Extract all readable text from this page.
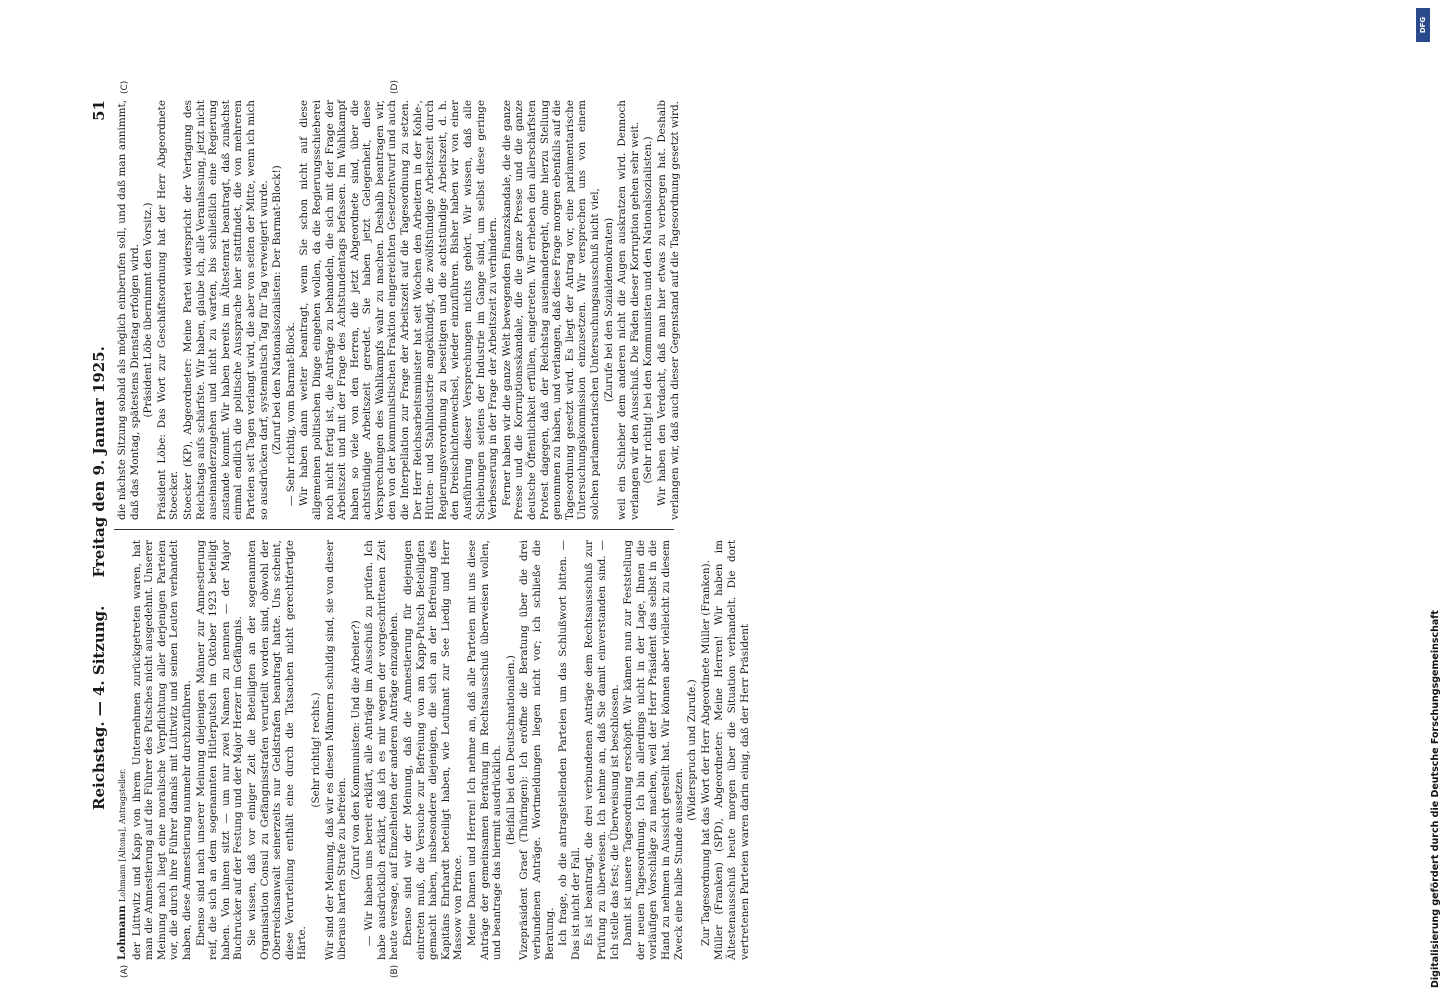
Reichstag. — 4. Sitzung.
Freitag den 9. Januar 1925. 51

Lohmann Lohmann [Altona], Antragsteller. der Lüttwitz und Kapp von ihrem Unternehmen zurückgetreten waren, hat man die Amnestierung auf die Führer des Putsches nicht ausgedehnt. Unserer Meinung nach liegt eine moralische Verpflichtung aller derjenigen Parteien vor, die durch ihre Führer damals mit Lüttwitz und seinen Leuten verhandelt haben, diese Amnestierung nunmehr durchzuführen. Ebenso sind nach unserer Meinung diejenigen Männer zur Amnestierung reif, die sich an dem sogenannten Hitlerputsch im Oktober 1923 beteiligt haben. Von ihnen sitzt — um nur zwei Namen zu nennen — der Major Buchrucker auf der Festung und der Major Herzer im Gefängnis. Sie wissen, daß vor einiger Zeit die Beteiligten an der sogenannten Organisation Consul zu Gefängnisstrafen verurteilt worden sind, obwohl der Oberreichsanwalt seinerzeits nur Geldstrafen beantragt hatte. Uns scheint, diese Verurteilung enthält eine durch die Tatsachen nicht gerechtfertigte Härte.

(Sehr richtig! rechts.) Wir sind der Meinung, daß wir es diesen Männern schuldig sind, sie von dieser überaus harten Strafe zu befreien. (Zuruf von den Kommunisten: Und die Arbeiter?) — Wir haben uns bereit erklärt, alle Anträge im Ausschuß zu prüfen. Ich habe ausdrücklich erklärt, daß ich es mir wegen der vorgeschrittenen Zeit heute versage, auf Einzelheiten der anderen Anträge einzugehen. Ebenso sind wir der Meinung, daß die Amnestierung für diejenigen eintreten muß, die Versuche zur Befreiung von am Kapp-Putsch Beteiligten gemacht haben, insbesondere diejenigen, die sich an der Befreiung des Kapitäns Ehrhardt beteiligt haben, wie Leutnant zur See Liedig und Herr Massow von Prince. Meine Damen und Herren! Ich nehme an, daß alle Parteien mit uns diese Anträge der gemeinsamen Beratung im Rechtsausschuß überweisen wollen, und beantrage das hiermit ausdrücklich. (Beifall bei den Deutschnationalen.) Vizepräsident Graef (Thüringen): Ich eröffne die Beratung über die drei verbundenen Anträge. Wortmeldungen liegen nicht vor; ich schließe die Beratung. Ich frage, ob die antragstellenden Parteien um das Schlußwort bitten. — Das ist nicht der Fall. Es ist beantragt, die drei verbundenen Anträge dem Rechtsausschuß zur Prüfung zu überweisen. Ich nehme an, daß Sie damit einverstanden sind. — Ich stelle das fest; die Überweisung ist beschlossen. Damit ist unsere Tagesordnung erschöpft. Wir kämen nun zur Feststellung der neuen Tagesordnung. Ich bin allerdings nicht in der Lage, Ihnen die vorläufigen Vorschläge zu machen, weil der Herr Präsident das selbst in die Hand zu nehmen in Aussicht gestellt hat. Wir können aber vielleicht zu diesem Zweck eine halbe Stunde aussetzen.

(Widerspruch und Zurufe.) Zur Tagesordnung hat das Wort der Herr Abgeordnete Müller (Franken). Müller (Franken) (SPD), Abgeordneter: Meine Herren! Wir haben im Ältestenausschuß heute morgen über die Situation verhandelt. Die dort vertretenen Parteien waren darin einig, daß der Herr Präsident

die nächste Sitzung sobald als möglich einberufen soll, und daß man annimmt, daß das Montag, spätestens Dienstag erfolgen wird. (Präsident Löbe übernimmt den Vorsitz.) Präsident Löbe: Das Wort zur Geschäftsordnung hat der Herr Abgeordnete Stoecker. Stoecker (KP), Abgeordneter: Meine Partei widerspricht der Vertagung des Reichstags aufs schärfste. Wir haben, glaube ich, alle Veranlassung, jetzt nicht auseinanderzugehen und nicht zu warten, bis schließlich eine Regierung zustande kommt. Wir haben bereits im Ältestenrat beantragt, daß zunächst einmal endlich die politische Aussprache hier stattfindet, die von mehreren Parteien seit Tagen verlangt wird, die aber von seiten der Mitte, wenn ich mich so ausdrücken darf, systematisch Tag für Tag verweigert wurde. (Zuruf bei den Nationalsozialisten: Der Barmat-Block!) — Sehr richtig, vom Barmat-Block. Wir haben dann weiter beantragt, wenn Sie schon nicht auf diese allgemeinen politischen Dinge eingehen wollen, da die Regierungsschieberei noch nicht fertig ist, die Anträge zu behandeln, die sich mit der Frage der Arbeitszeit und mit der Frage des Achtstundentags befassen. Im Wahlkampf haben so viele von den Herren, die jetzt Abgeordnete sind, über die achtstündige Arbeitszeit geredet. Sie haben jetzt Gelegenheit, diese Versprechungen des Wahlkampfs wahr zu machen. Deshalb beantragen wir, den von der kommunistischen Fraktion eingereichten Gesetzentwurf und auch die Interpellation zur Frage der Arbeitszeit auf die Tagesordnung zu setzen. Der Herr Reichsarbeitsminister hat seit Wochen den Arbeitern in der Kohle-, Hütten- und Stahlindustrie angekündigt, die zwölfstündige Arbeitszeit durch Regierungsverordnung zu beseitigen und die achtstündige Arbeitszeit, d. h. den Dreischichtenwechsel, wieder einzuführen. Bisher haben wir von einer Ausführung dieser Versprechungen nichts gehört. Wir wissen, daß alle Schiebungen seitens der Industrie im Gange sind, um selbst diese geringe Verbesserung in der Frage der Arbeitszeit zu verhindern. Ferner haben wir die ganze Welt bewegenden Finanzskandale, die die ganze Presse und die Korruptionsskandale, die die ganze Presse und die ganze deutsche Öffentlichkeit erfüllen, eingetreten. Wir erheben den allerschärfsten Protest dagegen, daß der Reichstag auseinandergeht, ohne hierzu Stellung genommen zu haben, und verlangen, daß diese Frage morgen ebenfalls auf die Tagesordnung gesetzt wird. Es liegt der Antrag vor, eine parlamentarische Untersuchungskommission einzusetzen. Wir versprechen uns von einem solchen parlamentarischen Untersuchungsausschuß nicht viel, (Zurufe bei den Sozialdemokraten) weil ein Schieber dem anderen nicht die Augen auskratzen wird. Dennoch verlangen wir den Ausschuß. Die Fäden dieser Korruption gehen sehr weit. (Sehr richtig! bei den Kommunisten und den Nationalsozialisten.) Wir haben den Verdacht, daß man hier etwas zu verbergen hat. Deshalb verlangen wir, daß auch dieser Gegenstand auf die Tagesordnung gesetzt wird.

(A)	(B)
(C)	(D)
DFG
Digitalisierung gefördert durch die Deutsche Forschungsgemeinschaft
